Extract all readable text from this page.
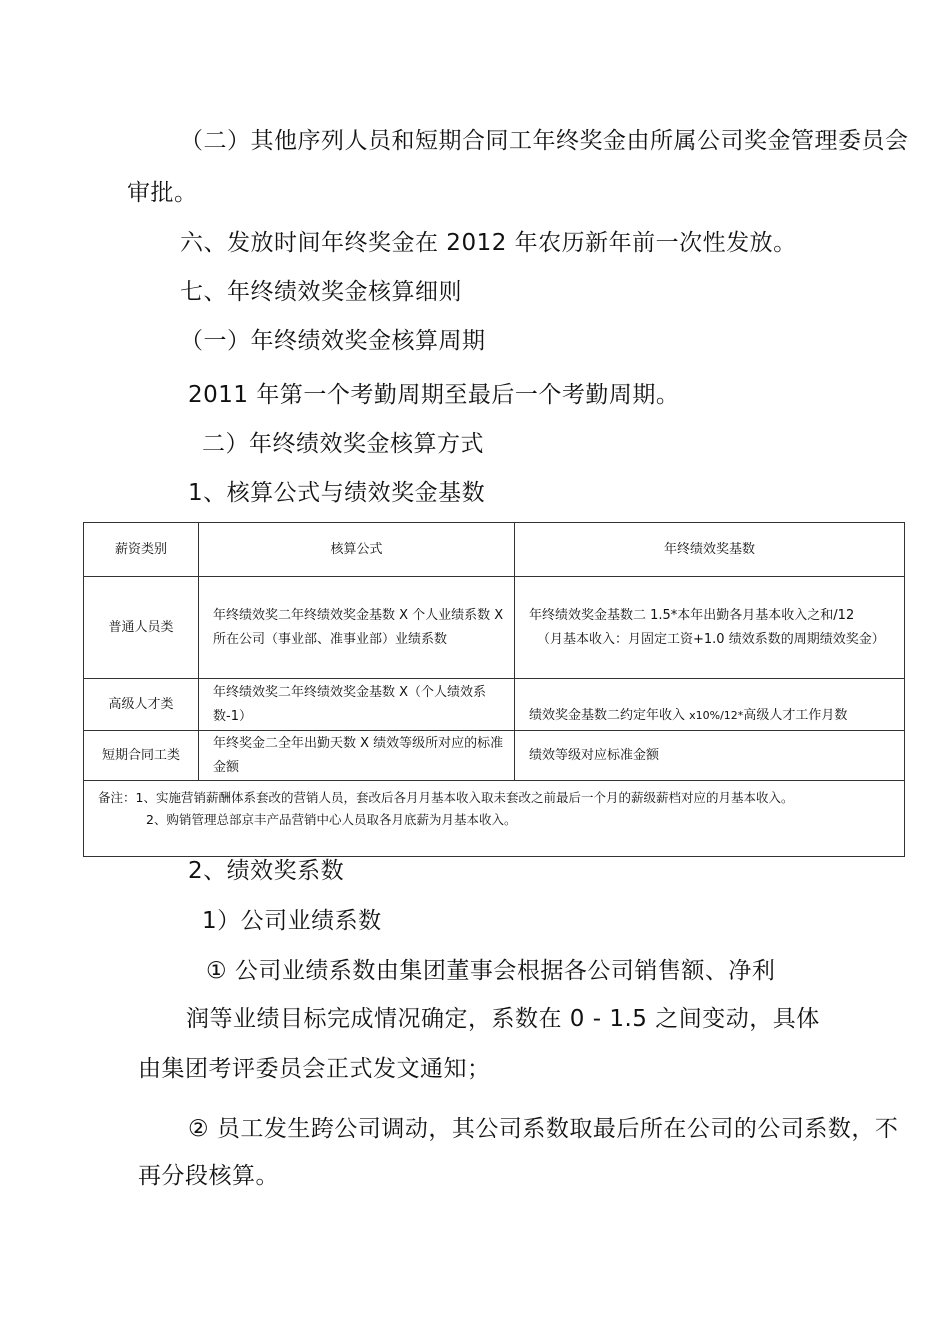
（二）其他序列人员和短期合同工年终奖金由所属公司奖金管理委员会
审批。
六、发放时间年终奖金在 2012 年农历新年前一次性发放。
七、年终绩效奖金核算细则
（一）年终绩效奖金核算周期
2011 年第一个考勤周期至最后一个考勤周期。
二）年终绩效奖金核算方式
1、核算公式与绩效奖金基数
薪资类别	核算公式	年终绩效奖基数
普通人员类	年终绩效奖二年终绩效奖金基数 X 个人业绩系数 X 所在公司（事业部、准事业部）业绩系数	年终绩效奖金基数二 1.5*本年出勤各月基本收入之和/12
（月基本收入：月固定工资+1.0 绩效系数的周期绩效奖金）

高级人才类	年终绩效奖二年终绩效奖金基数 X（个人绩效系数-1）	绩效奖金基数二约定年收入 x10%/12*高级人才工作月数
短期合同工类	年终奖金二全年出勤天数 X 绩效等级所对应的标准金额	绩效等级对应标准金额

备注：1、实施营销薪酬体系套改的营销人员，套改后各月月基本收入取未套改之前最后一个月的薪级薪档对应的月基本收入。

2、购销管理总部京丰产品营销中心人员取各月底薪为月基本收入。		

2、绩效奖系数
1）公司业绩系数
① 公司业绩系数由集团董事会根据各公司销售额、净利
润等业绩目标完成情况确定，系数在 0 - 1.5 之间变动，具体
由集团考评委员会正式发文通知；
② 员工发生跨公司调动，其公司系数取最后所在公司的公司系数，不
再分段核算。
